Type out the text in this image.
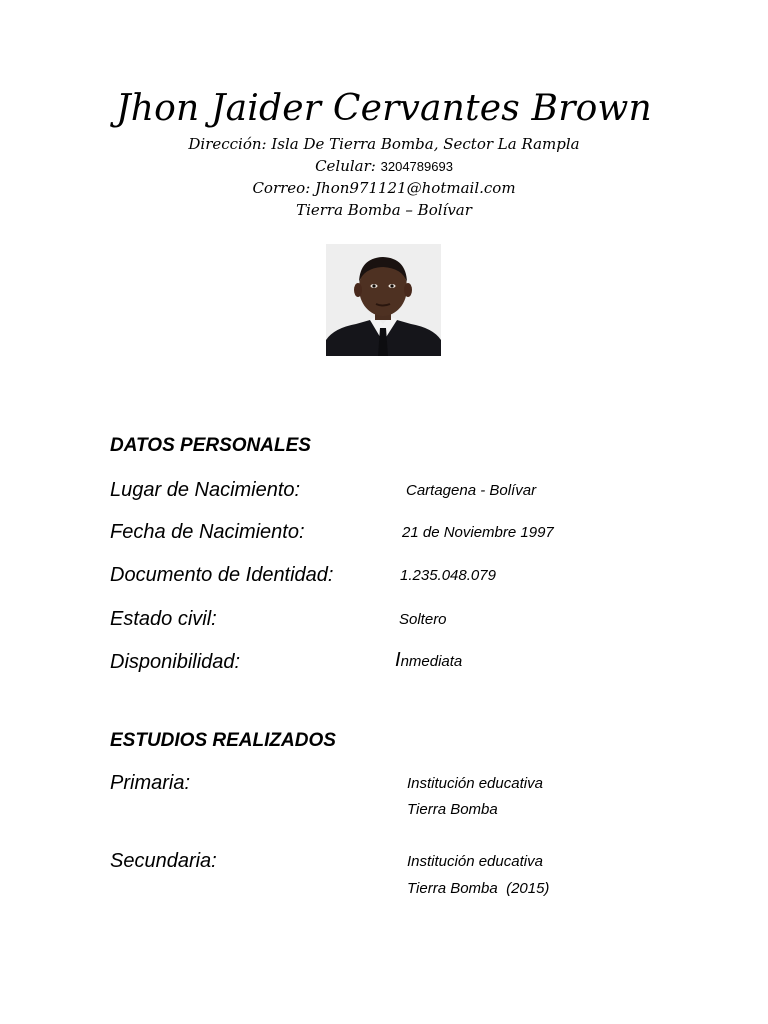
Jhon Jaider Cervantes Brown
Dirección: Isla De Tierra Bomba, Sector La Rampla
Celular: 3204789693
Correo: Jhon971121@hotmail.com
Tierra Bomba – Bolívar
DATOS PERSONALES
Lugar de Nacimiento:	Cartagena - Bolívar
Fecha de Nacimiento:	21 de Noviembre 1997
Documento de Identidad:	1.235.048.079
Estado civil:	Soltero
Disponibilidad:	Inmediata
ESTUDIOS REALIZADOS
Primaria:	Institución educativa
Tierra Bomba
Secundaria:	Institución educativa
Tierra Bomba  (2015)
